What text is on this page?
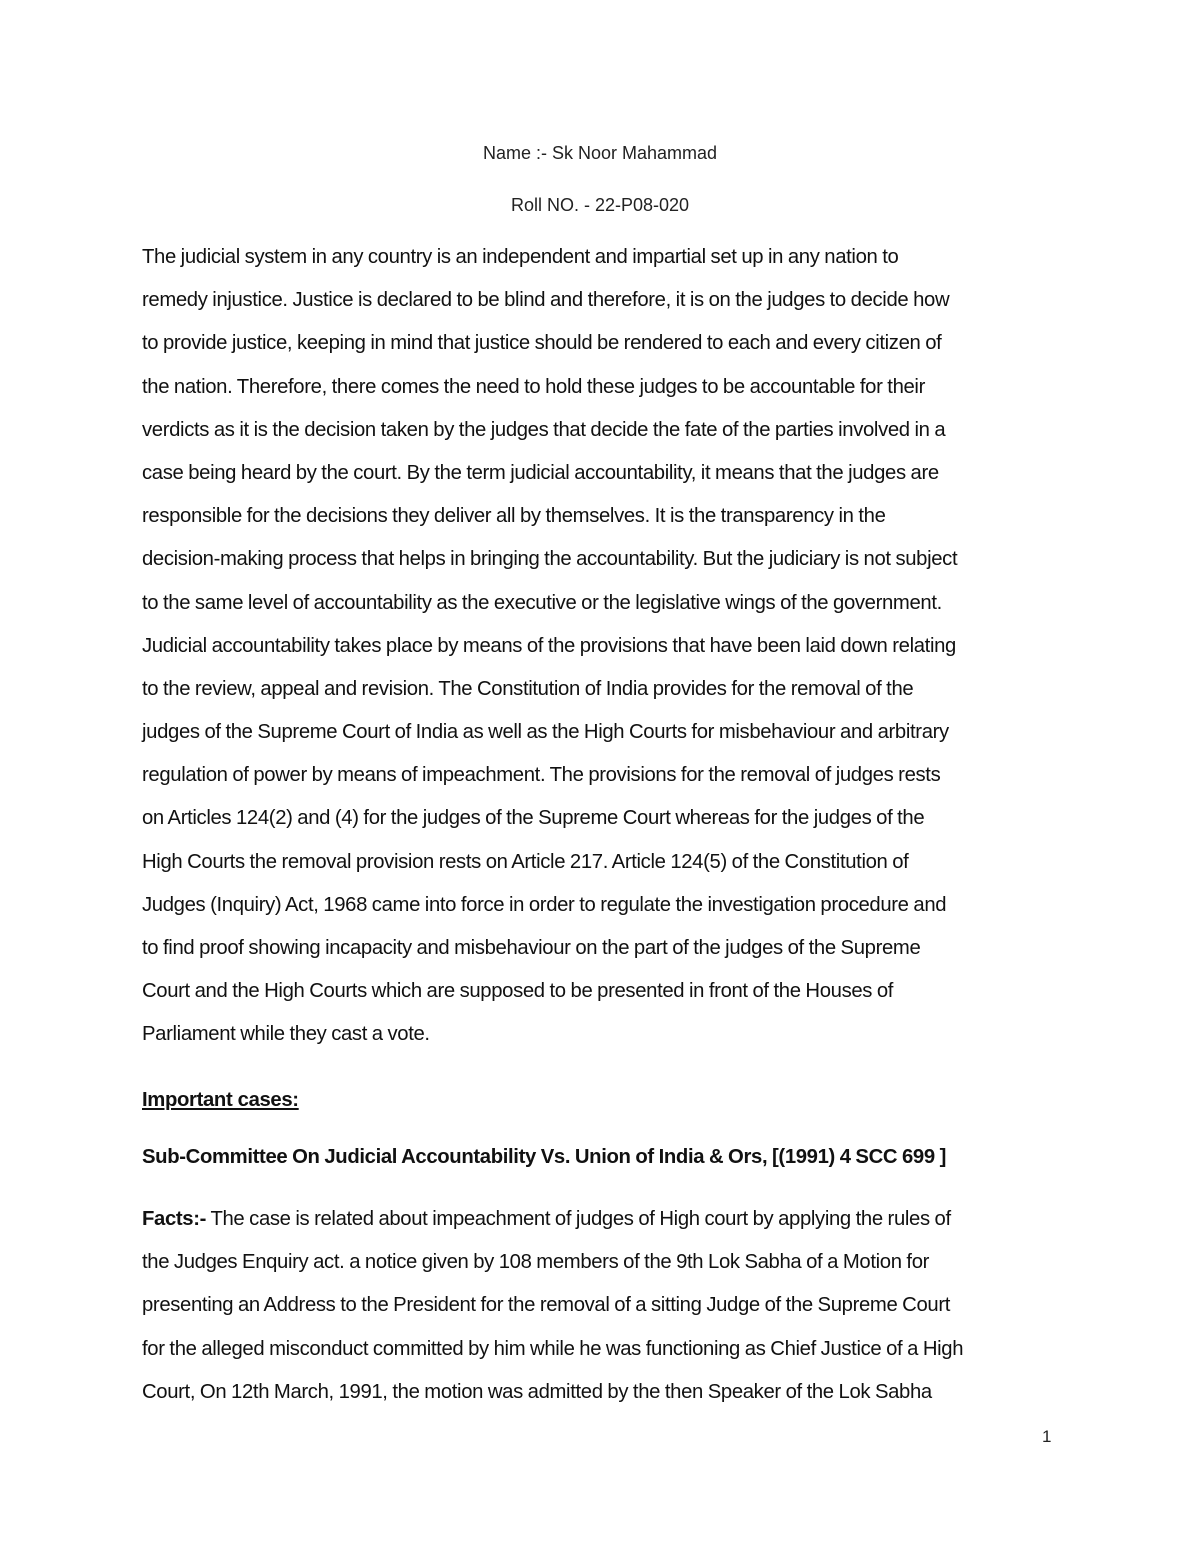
Name :- Sk Noor Mahammad
Roll NO. - 22-P08-020
The judicial system in any country is an independent and impartial set up in any nation to
remedy injustice. Justice is declared to be blind and therefore, it is on the judges to decide how
to provide justice, keeping in mind that justice should be rendered to each and every citizen of
the nation. Therefore, there comes the need to hold these judges to be accountable for their
verdicts as it is the decision taken by the judges that decide the fate of the parties involved in a
case being heard by the court. By the term judicial accountability, it means that the judges are
responsible for the decisions they deliver all by themselves. It is the transparency in the
decision-making process that helps in bringing the accountability. But the judiciary is not subject
to the same level of accountability as the executive or the legislative wings of the government.
Judicial accountability takes place by means of the provisions that have been laid down relating
to the review, appeal and revision. The Constitution of India provides for the removal of the
judges of the Supreme Court of India as well as the High Courts for misbehaviour and arbitrary
regulation of power by means of impeachment. The provisions for the removal of judges rests
on Articles 124(2) and (4) for the judges of the Supreme Court whereas for the judges of the
High Courts the removal provision rests on Article 217. Article 124(5) of the Constitution of
Judges (Inquiry) Act, 1968 came into force in order to regulate the investigation procedure and
to find proof showing incapacity and misbehaviour on the part of the judges of the Supreme
Court and the High Courts which are supposed to be presented in front of the Houses of
Parliament while they cast a vote.
Important cases:
Sub-Committee On Judicial Accountability Vs. Union of India & Ors, [(1991) 4 SCC 699 ]
Facts:- The case is related about impeachment of judges of High court by applying the rules of
the Judges Enquiry act. a notice given by 108 members of the 9th Lok Sabha of a Motion for
presenting an Address to the President for the removal of a sitting Judge of the Supreme Court
for the alleged misconduct committed by him while he was functioning as Chief Justice of a High
Court, On 12th March, 1991, the motion was admitted by the then Speaker of the Lok Sabha
1
